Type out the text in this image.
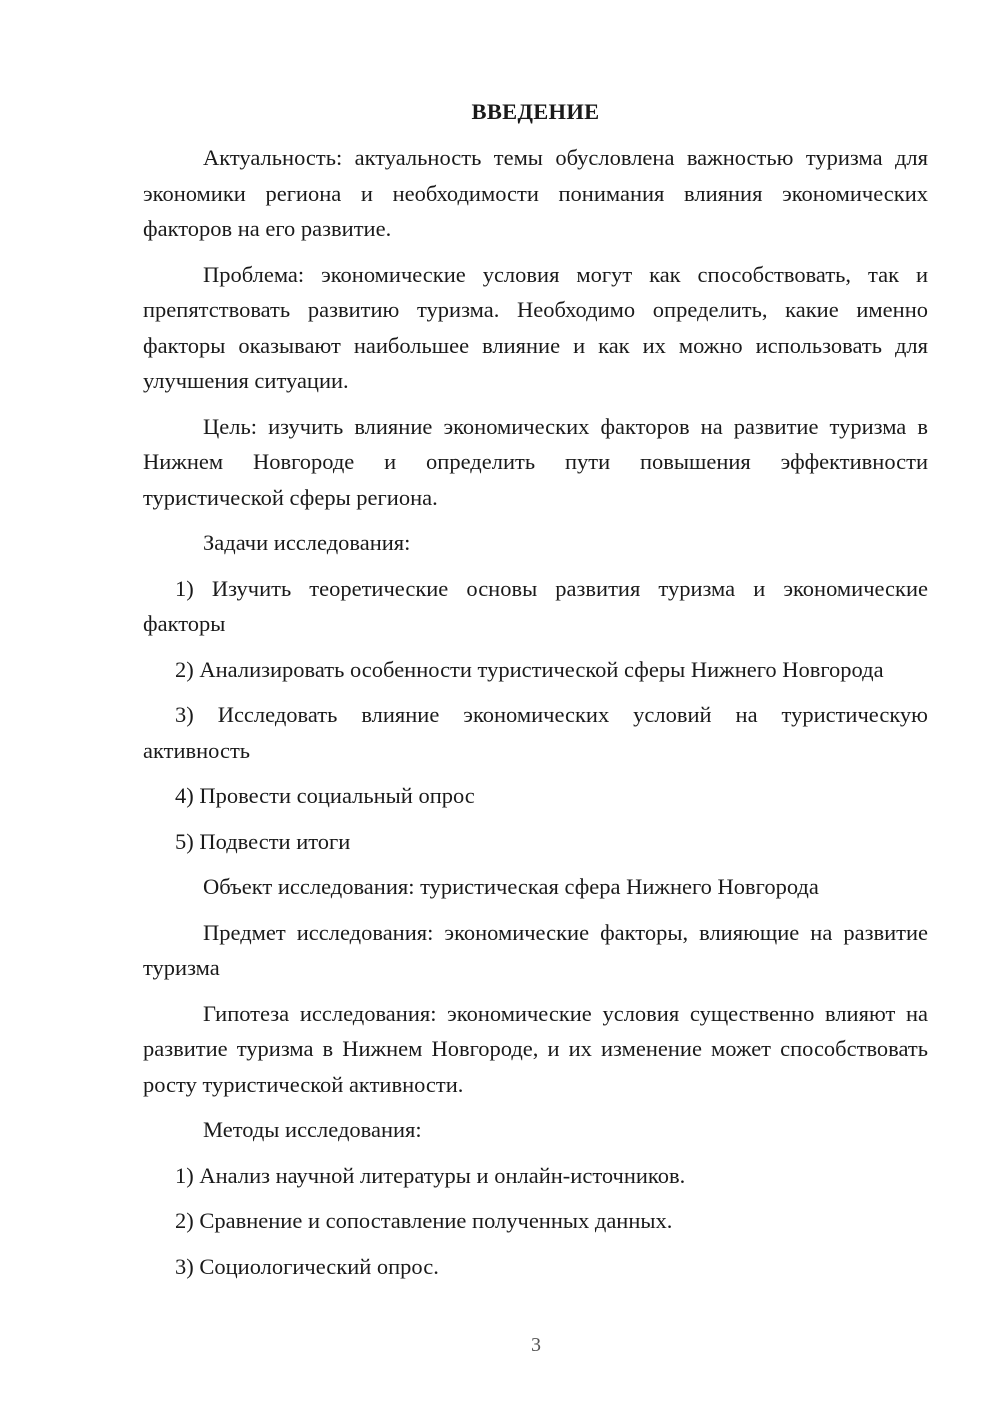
ВВЕДЕНИЕ

Актуальность: актуальность темы обусловлена важностью туризма для экономики региона и необходимости понимания влияния экономических факторов на его развитие.

Проблема: экономические условия могут как способствовать, так и препятствовать развитию туризма. Необходимо определить, какие именно факторы оказывают наибольшее влияние и как их можно использовать для улучшения ситуации.

Цель: изучить влияние экономических факторов на развитие туризма в Нижнем Новгороде и определить пути повышения эффективности туристической сферы региона.

Задачи исследования:

1) Изучить теоретические основы развития туризма и экономические факторы

2) Анализировать особенности туристической сферы Нижнего Новгорода

3) Исследовать влияние экономических условий на туристическую активность

4) Провести социальный опрос

5) Подвести итоги

Объект исследования: туристическая сфера Нижнего Новгорода

Предмет исследования: экономические факторы, влияющие на развитие туризма

Гипотеза исследования: экономические условия существенно влияют на развитие туризма в Нижнем Новгороде, и их изменение может способствовать росту туристической активности.

Методы исследования:

1) Анализ научной литературы и онлайн-источников.

2) Сравнение и сопоставление полученных данных.

3) Социологический опрос.

3
